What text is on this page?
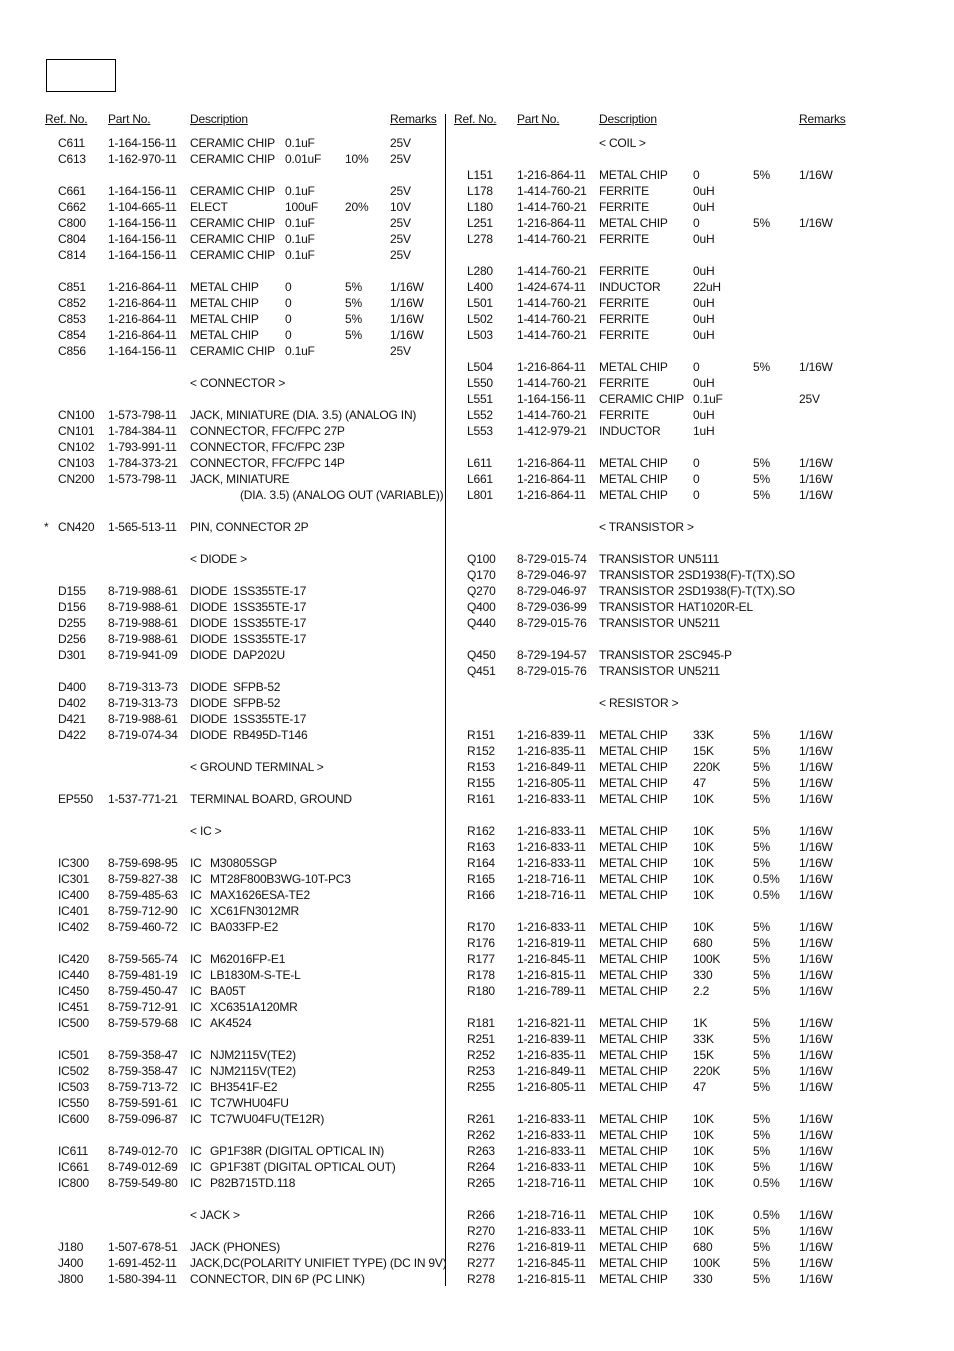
Ref. No. Part No.	Description	Remarks Ref. No. Part No.	Description	Remarks
C611 1-164-156-11 CERAMIC CHIP 0.1uF	25V
C613 1-162-970-11 CERAMIC CHIP 0.01uF 10% 25V
C661 1-164-156-11 CERAMIC CHIP 0.1uF	25V
C662 1-104-665-11 ELECT	100uF 20% 10V
C800 1-164-156-11 CERAMIC CHIP 0.1uF	25V
C804 1-164-156-11 CERAMIC CHIP 0.1uF	25V
C814 1-164-156-11 CERAMIC CHIP 0.1uF	25V
C851 1-216-864-11 METAL CHIP 0	5% 1/16W
C852 1-216-864-11 METAL CHIP 0	5% 1/16W
C853 1-216-864-11 METAL CHIP 0	5% 1/16W
C854 1-216-864-11 METAL CHIP 0	5% 1/16W
C856 1-164-156-11 CERAMIC CHIP 0.1uF	25V
< CONNECTOR >
CN100 1-573-798-11 JACK, MINIATURE (DIA. 3.5) (ANALOG IN)
CN101 1-784-384-11 CONNECTOR, FFC/FPC 27P
CN102 1-793-991-11 CONNECTOR, FFC/FPC 23P
CN103 1-784-373-21 CONNECTOR, FFC/FPC 14P
CN200 1-573-798-11 JACK, MINIATURE
(DIA. 3.5) (ANALOG OUT (VARIABLE))
* CN420 1-565-513-11 PIN, CONNECTOR 2P
< DIODE >
D155 8-719-988-61 DIODE 1SS355TE-17
D156 8-719-988-61 DIODE 1SS355TE-17
D255 8-719-988-61 DIODE 1SS355TE-17
D256 8-719-988-61 DIODE 1SS355TE-17
D301 8-719-941-09 DIODE DAP202U
D400 8-719-313-73 DIODE SFPB-52
D402 8-719-313-73 DIODE SFPB-52
D421 8-719-988-61 DIODE 1SS355TE-17
D422 8-719-074-34 DIODE RB495D-T146
< GROUND TERMINAL >
EP550 1-537-771-21 TERMINAL BOARD, GROUND
< IC >
IC300 8-759-698-95 IC M30805SGP
IC301 8-759-827-38 IC MT28F800B3WG-10T-PC3
IC400 8-759-485-63 IC MAX1626ESA-TE2
IC401 8-759-712-90 IC XC61FN3012MR
IC402 8-759-460-72 IC BA033FP-E2
IC420 8-759-565-74 IC M62016FP-E1
IC440 8-759-481-19 IC LB1830M-S-TE-L
IC450 8-759-450-47 IC BA05T
IC451 8-759-712-91 IC XC6351A120MR
IC500 8-759-579-68 IC AK4524
IC501 8-759-358-47 IC NJM2115V(TE2)
IC502 8-759-358-47 IC NJM2115V(TE2)
IC503 8-759-713-72 IC BH3541F-E2
IC550 8-759-591-61 IC TC7WHU04FU
IC600 8-759-096-87 IC TC7WU04FU(TE12R)
IC611 8-749-012-70 IC GP1F38R (DIGITAL OPTICAL IN)
IC661 8-749-012-69 IC GP1F38T (DIGITAL OPTICAL OUT)
IC800 8-759-549-80 IC P82B715TD.118
< JACK >
J180 1-507-678-51 JACK (PHONES)
J400 1-691-452-11 JACK,DC(POLARITY UNIFIET TYPE) (DC IN 9V)
J800 1-580-394-11 CONNECTOR, DIN 6P (PC LINK)
< COIL >
L151 1-216-864-11 METAL CHIP 0	5% 1/16W
L178 1-414-760-21 FERRITE	0uH
L180 1-414-760-21 FERRITE	0uH
L251 1-216-864-11 METAL CHIP 0	5% 1/16W
L278 1-414-760-21 FERRITE	0uH
L280 1-414-760-21 FERRITE	0uH
L400 1-424-674-11 INDUCTOR	22uH
L501 1-414-760-21 FERRITE	0uH
L502 1-414-760-21 FERRITE	0uH
L503 1-414-760-21 FERRITE	0uH
L504 1-216-864-11 METAL CHIP 0	5% 1/16W
L550 1-414-760-21 FERRITE	0uH
L551 1-164-156-11 CERAMIC CHIP 0.1uF	25V
L552 1-414-760-21 FERRITE	0uH
L553 1-412-979-21 INDUCTOR	1uH
L611 1-216-864-11 METAL CHIP 0	5% 1/16W
L661 1-216-864-11 METAL CHIP 0	5% 1/16W
L801 1-216-864-11 METAL CHIP 0	5% 1/16W
< TRANSISTOR >
Q100 8-729-015-74 TRANSISTOR UN5111
Q170 8-729-046-97 TRANSISTOR 2SD1938(F)-T(TX).SO
Q270 8-729-046-97 TRANSISTOR 2SD1938(F)-T(TX).SO
Q400 8-729-036-99 TRANSISTOR HAT1020R-EL
Q440 8-729-015-76 TRANSISTOR UN5211
Q450 8-729-194-57 TRANSISTOR 2SC945-P
Q451 8-729-015-76 TRANSISTOR UN5211
< RESISTOR >
R151 1-216-839-11 METAL CHIP 33K	5% 1/16W
R152 1-216-835-11 METAL CHIP 15K	5% 1/16W
R153 1-216-849-11 METAL CHIP 220K	5% 1/16W
R155 1-216-805-11 METAL CHIP 47	5% 1/16W
R161 1-216-833-11 METAL CHIP 10K	5% 1/16W
R162 1-216-833-11 METAL CHIP 10K	5% 1/16W
R163 1-216-833-11 METAL CHIP 10K	5% 1/16W
R164 1-216-833-11 METAL CHIP 10K	5% 1/16W
R165 1-218-716-11 METAL CHIP 10K	0.5% 1/16W
R166 1-218-716-11 METAL CHIP 10K	0.5% 1/16W
R170 1-216-833-11 METAL CHIP 10K	5% 1/16W
R176 1-216-819-11 METAL CHIP 680	5% 1/16W
R177 1-216-845-11 METAL CHIP 100K	5% 1/16W
R178 1-216-815-11 METAL CHIP 330	5% 1/16W
R180 1-216-789-11 METAL CHIP 2.2	5% 1/16W
R181 1-216-821-11 METAL CHIP 1K	5% 1/16W
R251 1-216-839-11 METAL CHIP 33K	5% 1/16W
R252 1-216-835-11 METAL CHIP 15K	5% 1/16W
R253 1-216-849-11 METAL CHIP 220K	5% 1/16W
R255 1-216-805-11 METAL CHIP 47	5% 1/16W
R261 1-216-833-11 METAL CHIP 10K	5% 1/16W
R262 1-216-833-11 METAL CHIP 10K	5% 1/16W
R263 1-216-833-11 METAL CHIP 10K	5% 1/16W
R264 1-216-833-11 METAL CHIP 10K	5% 1/16W
R265 1-218-716-11 METAL CHIP 10K	0.5% 1/16W
R266 1-218-716-11 METAL CHIP 10K	0.5% 1/16W
R270 1-216-833-11 METAL CHIP 10K	5% 1/16W
R276 1-216-819-11 METAL CHIP 680	5% 1/16W
R277 1-216-845-11 METAL CHIP 100K	5% 1/16W
R278 1-216-815-11 METAL CHIP 330	5% 1/16W
